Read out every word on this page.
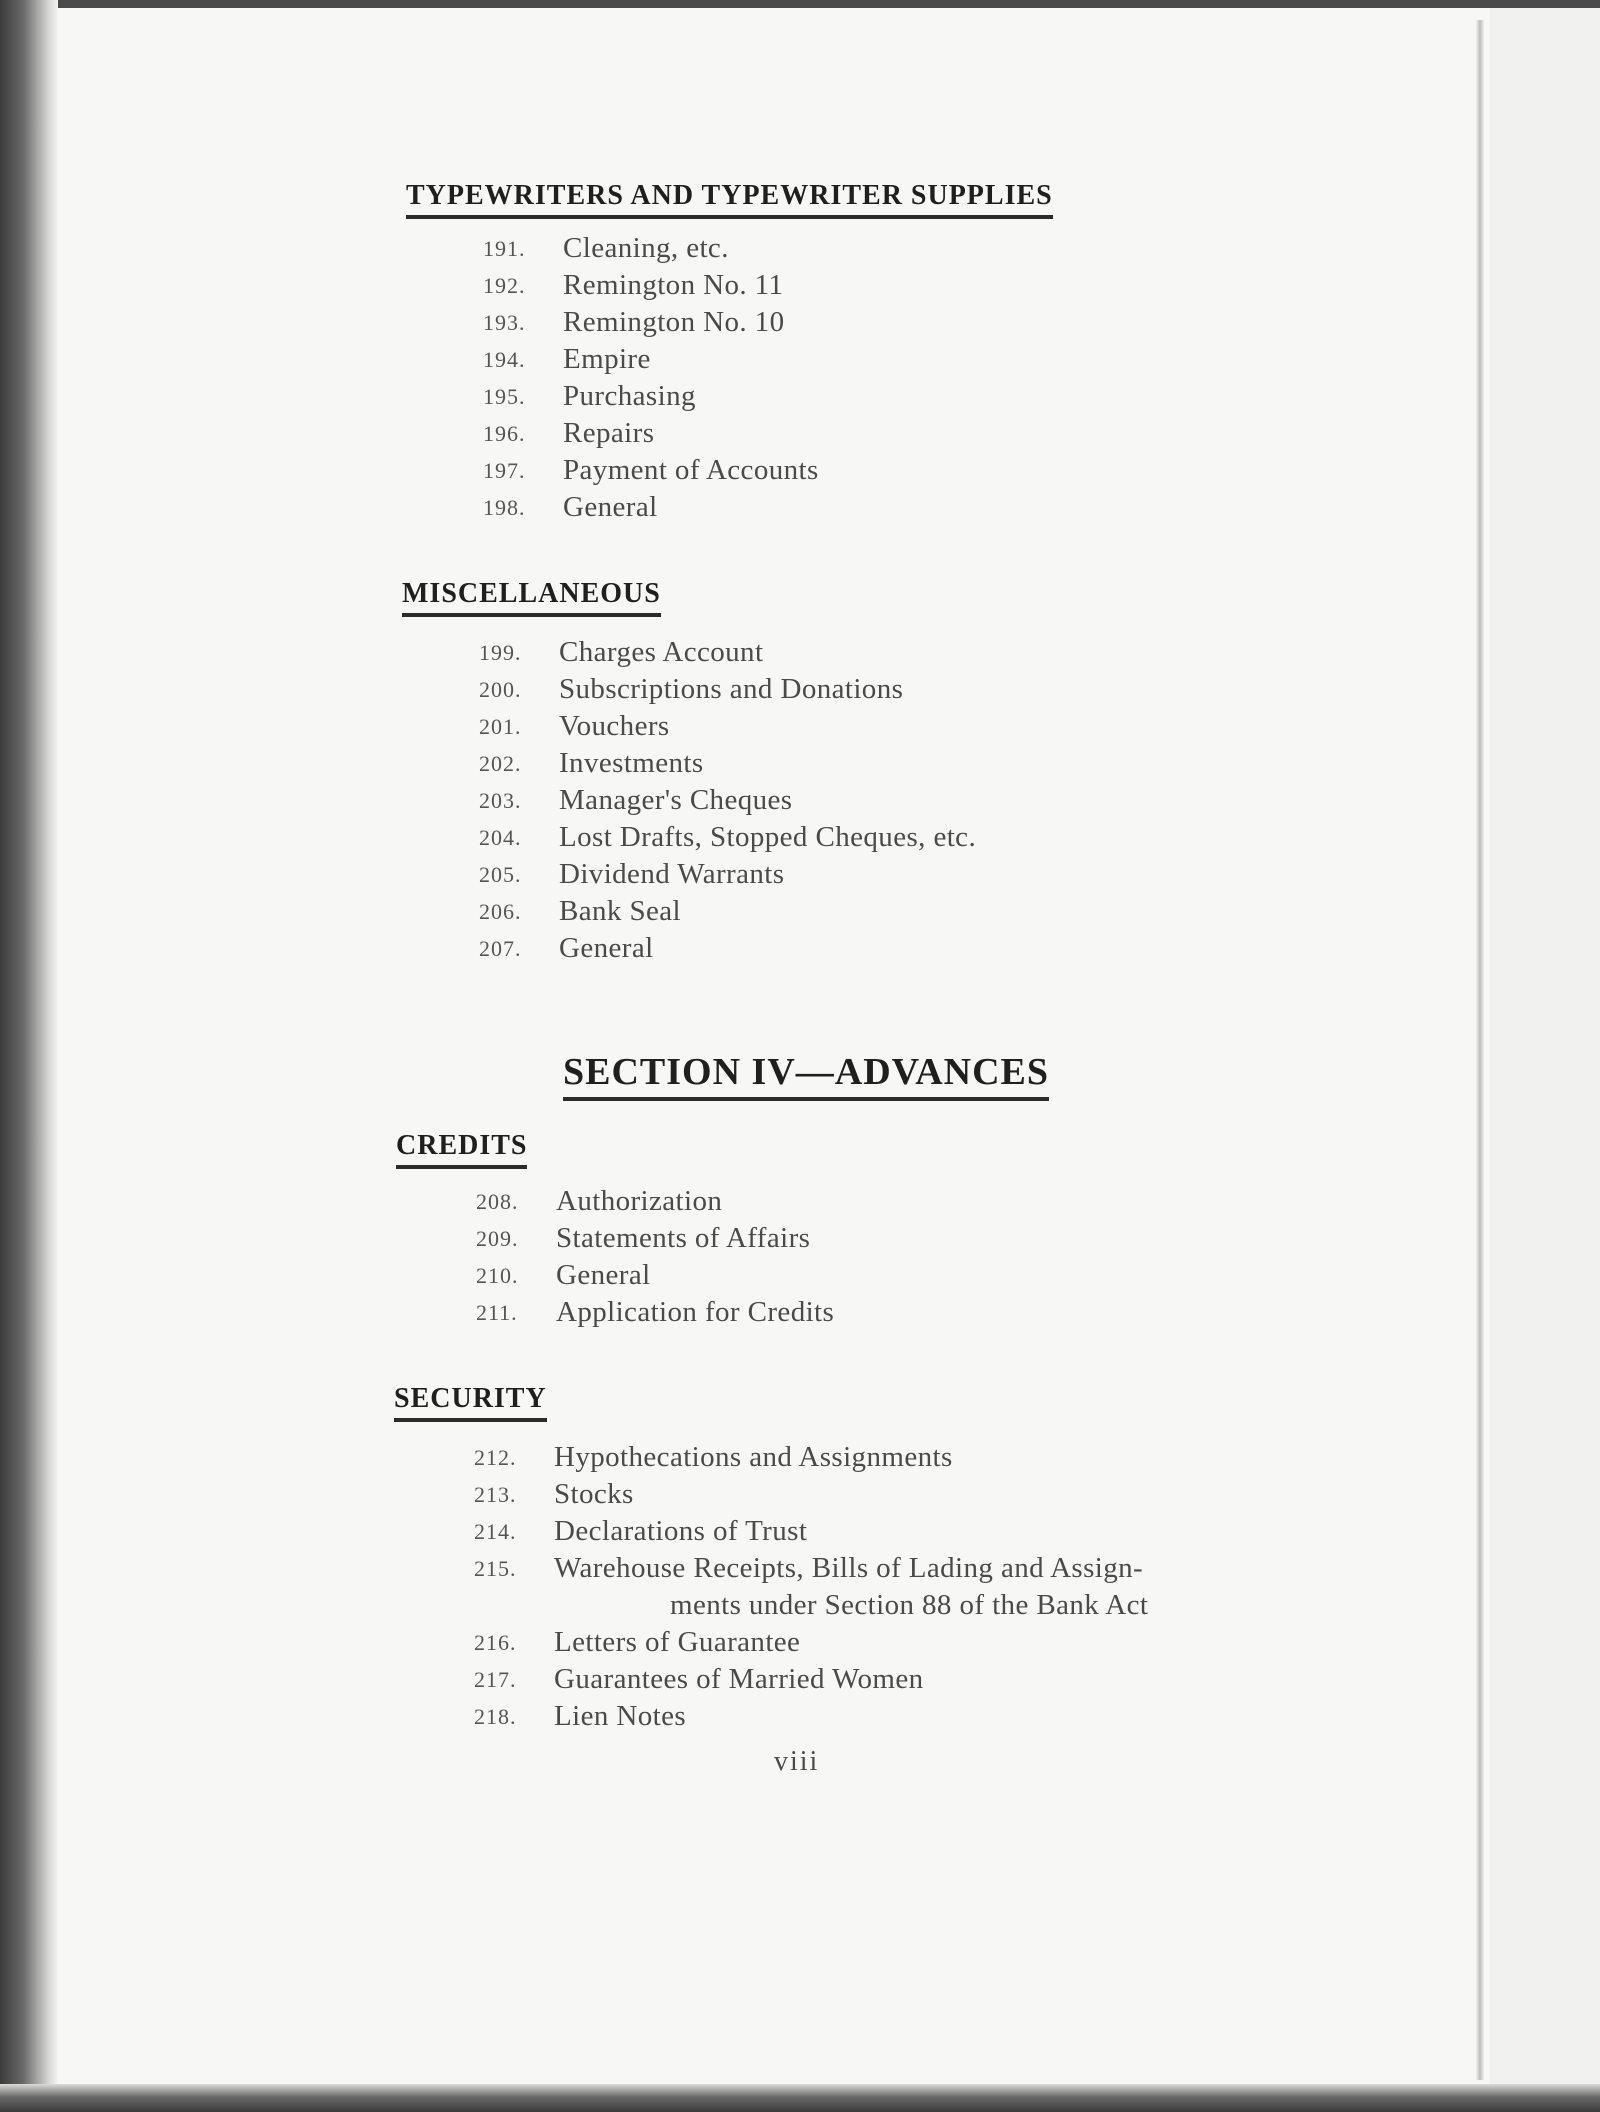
TYPEWRITERS AND TYPEWRITER SUPPLIES
191.	Cleaning, etc.
192.	Remington No. 11
193.	Remington No. 10
194.	Empire
195.	Purchasing
196.	Repairs
197.	Payment of Accounts
198.	General
MISCELLANEOUS
199.	Charges Account
200.	Subscriptions and Donations
201.	Vouchers
202.	Investments
203.	Manager's Cheques
204.	Lost Drafts, Stopped Cheques, etc.
205.	Dividend Warrants
206.	Bank Seal
207.	General
SECTION IV—ADVANCES
CREDITS
208.	Authorization
209.	Statements of Affairs
210.	General
211.	Application for Credits
SECURITY
212.	Hypothecations and Assignments
213.	Stocks
214.	Declarations of Trust
215.	Warehouse Receipts, Bills of Lading and Assign-
ments under Section 88 of the Bank Act
216.	Letters of Guarantee
217.	Guarantees of Married Women
218.	Lien Notes
viii
